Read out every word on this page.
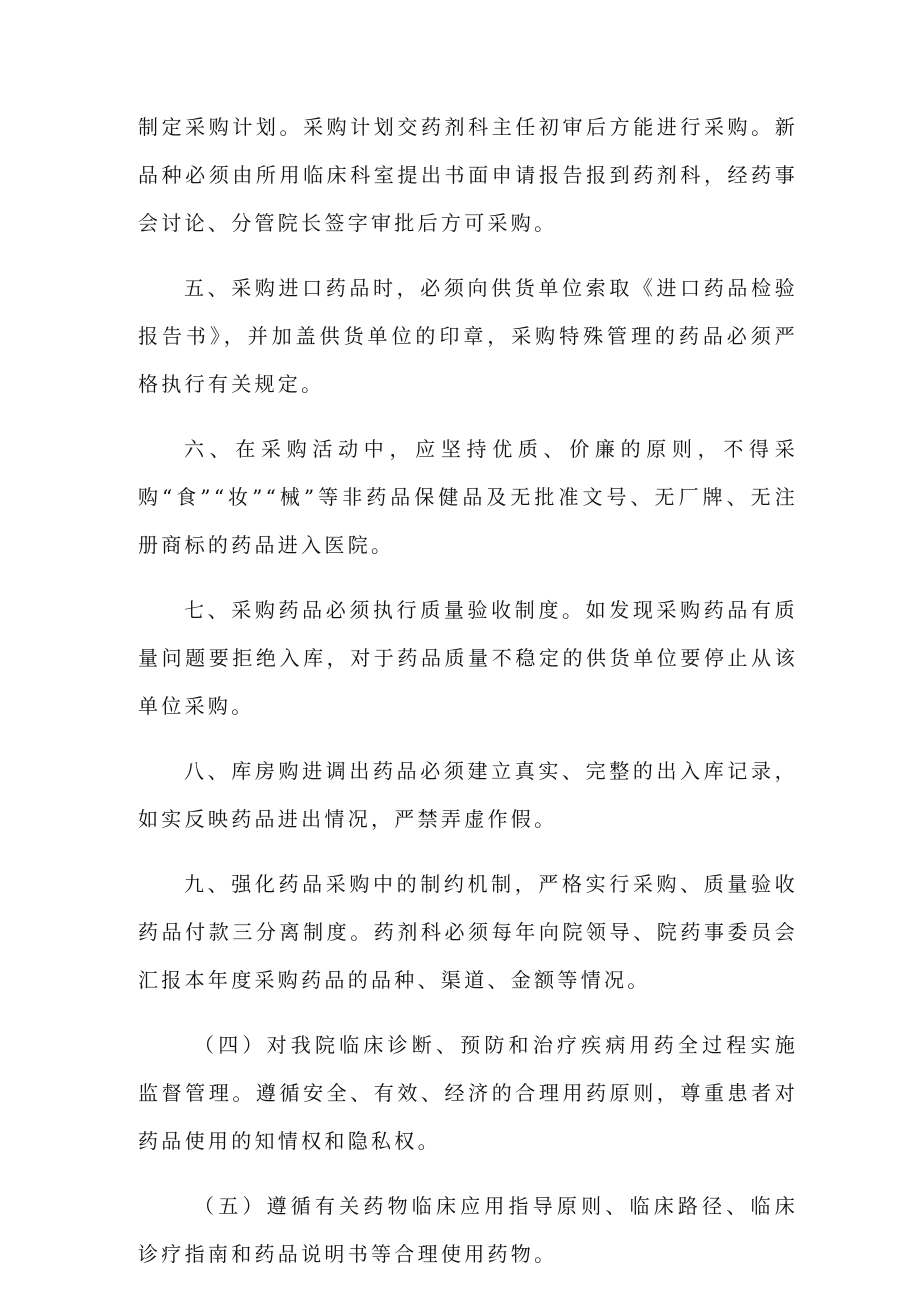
制定采购计划。采购计划交药剂科主任初审后方能进行采购。新品种必须由所用临床科室提出书面申请报告报到药剂科，经药事会讨论、分管院长签字审批后方可采购。

五、采购进口药品时，必须向供货单位索取《进口药品检验报告书》，并加盖供货单位的印章，采购特殊管理的药品必须严格执行有关规定。

六、在采购活动中，应坚持优质、价廉的原则，不得采购“食”“妆”“械”等非药品保健品及无批准文号、无厂牌、无注册商标的药品进入医院。

七、采购药品必须执行质量验收制度。如发现采购药品有质量问题要拒绝入库，对于药品质量不稳定的供货单位要停止从该单位采购。

八、库房购进调出药品必须建立真实、完整的出入库记录，如实反映药品进出情况，严禁弄虚作假。

九、强化药品采购中的制约机制，严格实行采购、质量验收药品付款三分离制度。药剂科必须每年向院领导、院药事委员会汇报本年度采购药品的品种、渠道、金额等情况。

（四）对我院临床诊断、预防和治疗疾病用药全过程实施监督管理。遵循安全、有效、经济的合理用药原则，尊重患者对药品使用的知情权和隐私权。

（五）遵循有关药物临床应用指导原则、临床路径、临床诊疗指南和药品说明书等合理使用药物。
